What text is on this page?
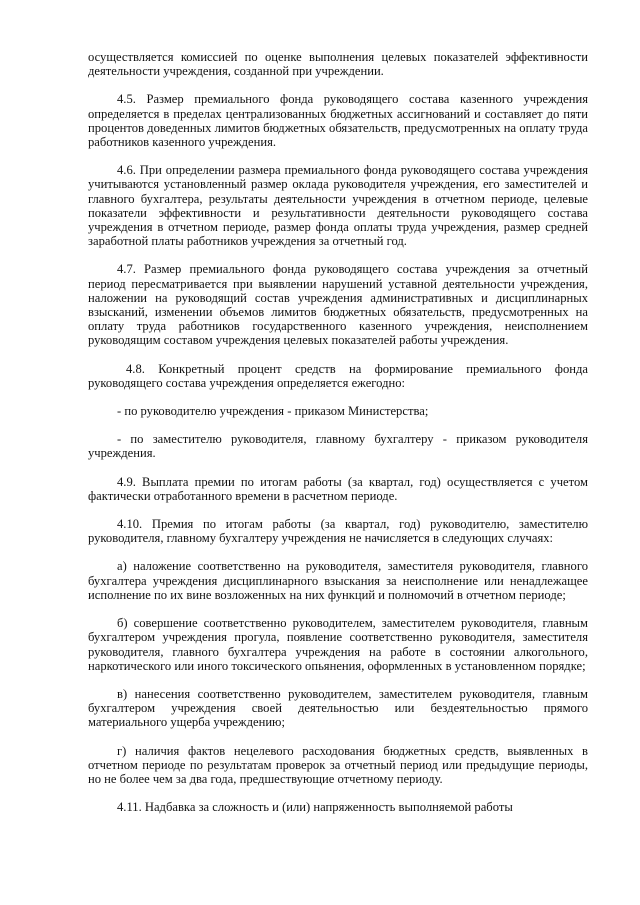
осуществляется комиссией по оценке выполнения целевых показателей эффективности деятельности учреждения, созданной при учреждении.

4.5. Размер премиального фонда руководящего состава казенного учреждения определяется в пределах централизованных бюджетных ассигнований и составляет до пяти процентов доведенных лимитов бюджетных обязательств, предусмотренных на оплату труда работников казенного учреждения.

4.6. При определении размера премиального фонда руководящего состава учреждения учитываются установленный размер оклада руководителя учреждения, его заместителей и главного бухгалтера, результаты деятельности учреждения в отчетном периоде, целевые показатели эффективности и результативности деятельности руководящего состава учреждения в отчетном периоде, размер фонда оплаты труда учреждения, размер средней заработной платы работников учреждения за отчетный год.

4.7. Размер премиального фонда руководящего состава учреждения за отчетный период пересматривается при выявлении нарушений уставной деятельности учреждения, наложении на руководящий состав учреждения административных и дисциплинарных взысканий, изменении объемов лимитов бюджетных обязательств, предусмотренных на оплату труда работников государственного казенного учреждения, неисполнением руководящим составом учреждения целевых показателей работы учреждения.

4.8. Конкретный процент средств на формирование премиального фонда руководящего состава учреждения определяется ежегодно:

- по руководителю учреждения - приказом Министерства;

- по заместителю руководителя, главному бухгалтеру - приказом руководителя учреждения.

4.9. Выплата премии по итогам работы (за квартал, год) осуществляется с учетом фактически отработанного времени в расчетном периоде.

4.10. Премия по итогам работы (за квартал, год) руководителю, заместителю руководителя, главному бухгалтеру учреждения не начисляется в следующих случаях:

а) наложение соответственно на руководителя, заместителя руководителя, главного бухгалтера учреждения дисциплинарного взыскания за неисполнение или ненадлежащее исполнение по их вине возложенных на них функций и полномочий в отчетном периоде;

б) совершение соответственно руководителем, заместителем руководителя, главным бухгалтером учреждения прогула, появление соответственно руководителя, заместителя руководителя, главного бухгалтера учреждения на работе в состоянии алкогольного, наркотического или иного токсического опьянения, оформленных в установленном порядке;

в) нанесения соответственно руководителем, заместителем руководителя, главным бухгалтером учреждения своей деятельностью или бездеятельностью прямого материального ущерба учреждению;

г) наличия фактов нецелевого расходования бюджетных средств, выявленных в отчетном периоде по результатам проверок за отчетный период или предыдущие периоды, но не более чем за два года, предшествующие отчетному периоду.

4.11. Надбавка за сложность и (или) напряженность выполняемой работы
